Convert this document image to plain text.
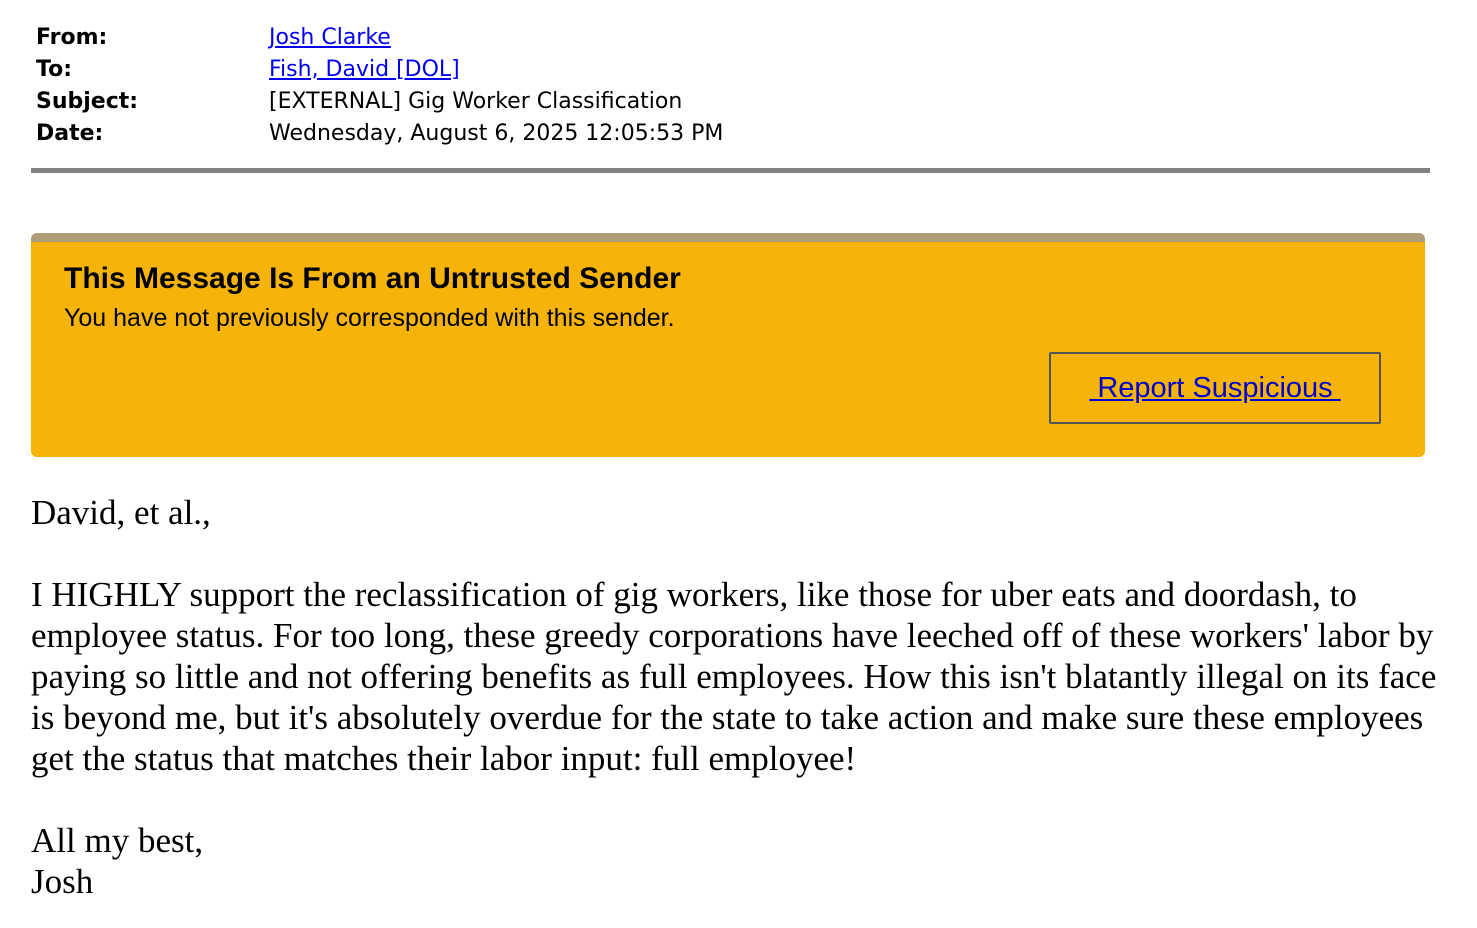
From:	Josh Clarke
To:	Fish, David [DOL]
Subject:	[EXTERNAL] Gig Worker Classification
Date:	Wednesday, August 6, 2025 12:05:53 PM
This Message Is From an Untrusted Sender
You have not previously corresponded with this sender.
Report Suspicious

David, et al.,

I HIGHLY support the reclassification of gig workers, like those for uber eats and doordash, to employee status. For too long, these greedy corporations have leeched off of these workers' labor by paying so little and not offering benefits as full employees. How this isn't blatantly illegal on its face is beyond me, but it's absolutely overdue for the state to take action and make sure these employees get the status that matches their labor input: full employee!

All my best,
Josh
